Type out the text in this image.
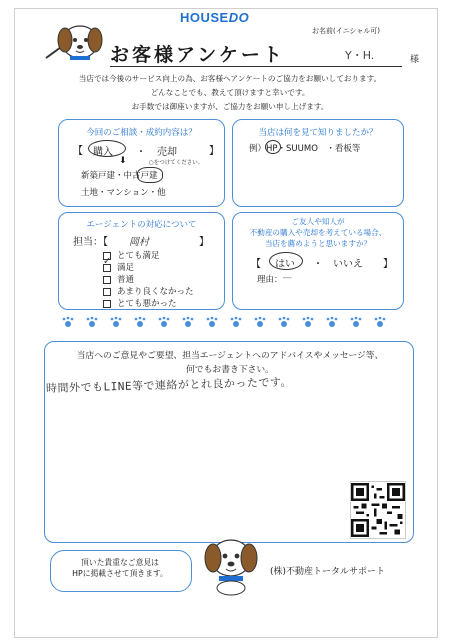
HOUSEDO
お客様アンケート
お名前(イニシャル可)
Y・H.	様
当店では今後のサービス向上の為、お客様へアンケートのご協力をお願いしております。
どんなことでも、教えて頂けますと幸いです。
お手数では御座いますが、ご協力をお願い申し上げます。
今回のご相談・成約内容は？
【 購入 ・ 売却	】
○をつけてください。
⬇
新築戸建・中古戸建
土地・マンション・他
当店は何を見て知りましたか？
例）HP・SUUMO　・看板等
エージェントの対応について
担当：【 岡村	】
とても満足
満足
✓
普通
あまり良くなかった
とても悪かった
ご友人や知人が
不動産の購入や売却を考えている場合、
当店を薦めようと思いますか？
【 はい ・ いいえ 】
理由： ―
当店へのご意見やご要望、担当エージェントへのアドバイスやメッセージ等、
何でもお書き下さい。
時間外でもLINE等で連絡がとれ良かったです。
頂いた貴重なご意見は
HPに掲載させて頂きます。	(株)不動産トータルサポート
